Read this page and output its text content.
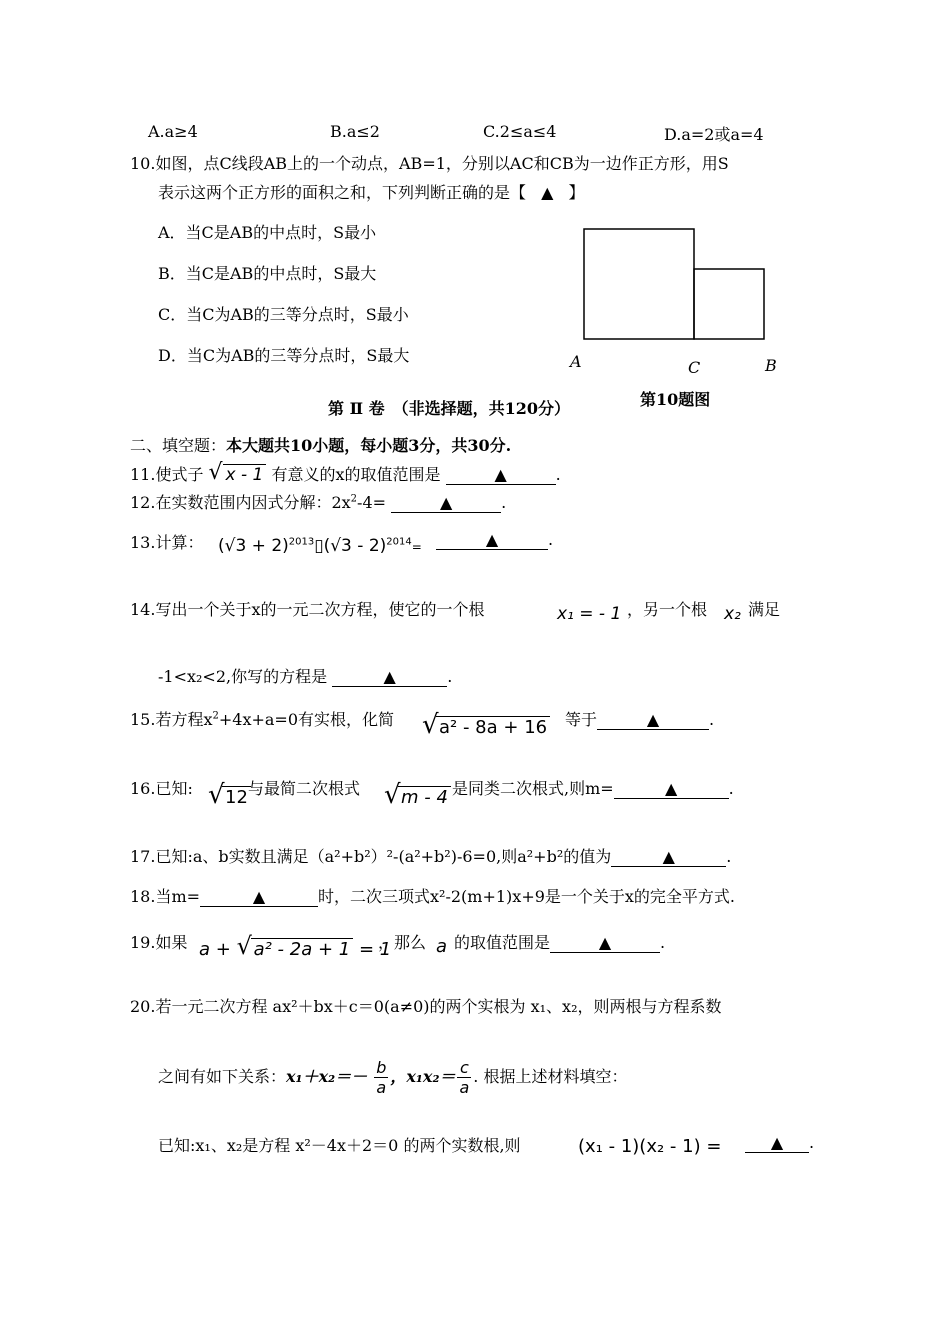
A.a≥4	B.a≤2	C.2≤a≤4	D.a=2或a=4
10.如图，点C线段AB上的一个动点，AB=1，分别以AC和CB为一边作正方形，用S
表示这两个正方形的面积之和，下列判断正确的是【 ▲ 】
A．当C是AB的中点时，S最小
B．当C是AB的中点时，S最大
C．当C为AB的三等分点时，S最小
D．当C为AB的三等分点时，S最大	A	C	B
第 Ⅱ 卷　（非选择题，共120分）	第10题图
二、填空题：本大题共10小题，每小题3分，共30分.
11.使式子 √ x - 1 有意义的x的取值范围是	▲	.
12.在实数范围内因式分解：$2x^2-4=$	▲	.
13.计算： $(√3 + 2)^{2013}▯(√3 - 2)^{2014}=$	▲	.
14.写出一个关于x的一元二次方程，使它的一个根	x₁ = - 1 ，另一个根 x₂ 满足
-1<x₂<2,你写的方程是	▲	.
15.若方程$x^2+4x+a=0$有实根，化简 √ a² - 8a + 16 等于	▲	.
16.已知: √ 12 与最简二次根式 √ m - 4 是同类二次根式,则m=	▲	.
17.已知:a、b实数且满足（a²+b²）²-(a²+b²)-6=0,则a²+b²的值为	▲	.
18.当m=	▲	时，二次三项式x²-2(m+1)x+9是一个关于x的完全平方式.
19.如果 a + √ a² - 2a + 1 = 1
，那么 a 的取值范围是	▲	.
20.若一元二次方程 ax²＋bx＋c＝0(a≠0)的两个实根为 x₁、x₂，则两根与方程系数
之间有如下关系：$x_1+x_2=- \frac{b}{a}$ ，$x_1x_2= \frac{c}{a}$ . 根据上述材料填空：
已知:x₁、x₂是方程 x²－4x＋2＝0 的两个实数根,则	(x₁ - 1)(x₂ - 1) =	▲ .
